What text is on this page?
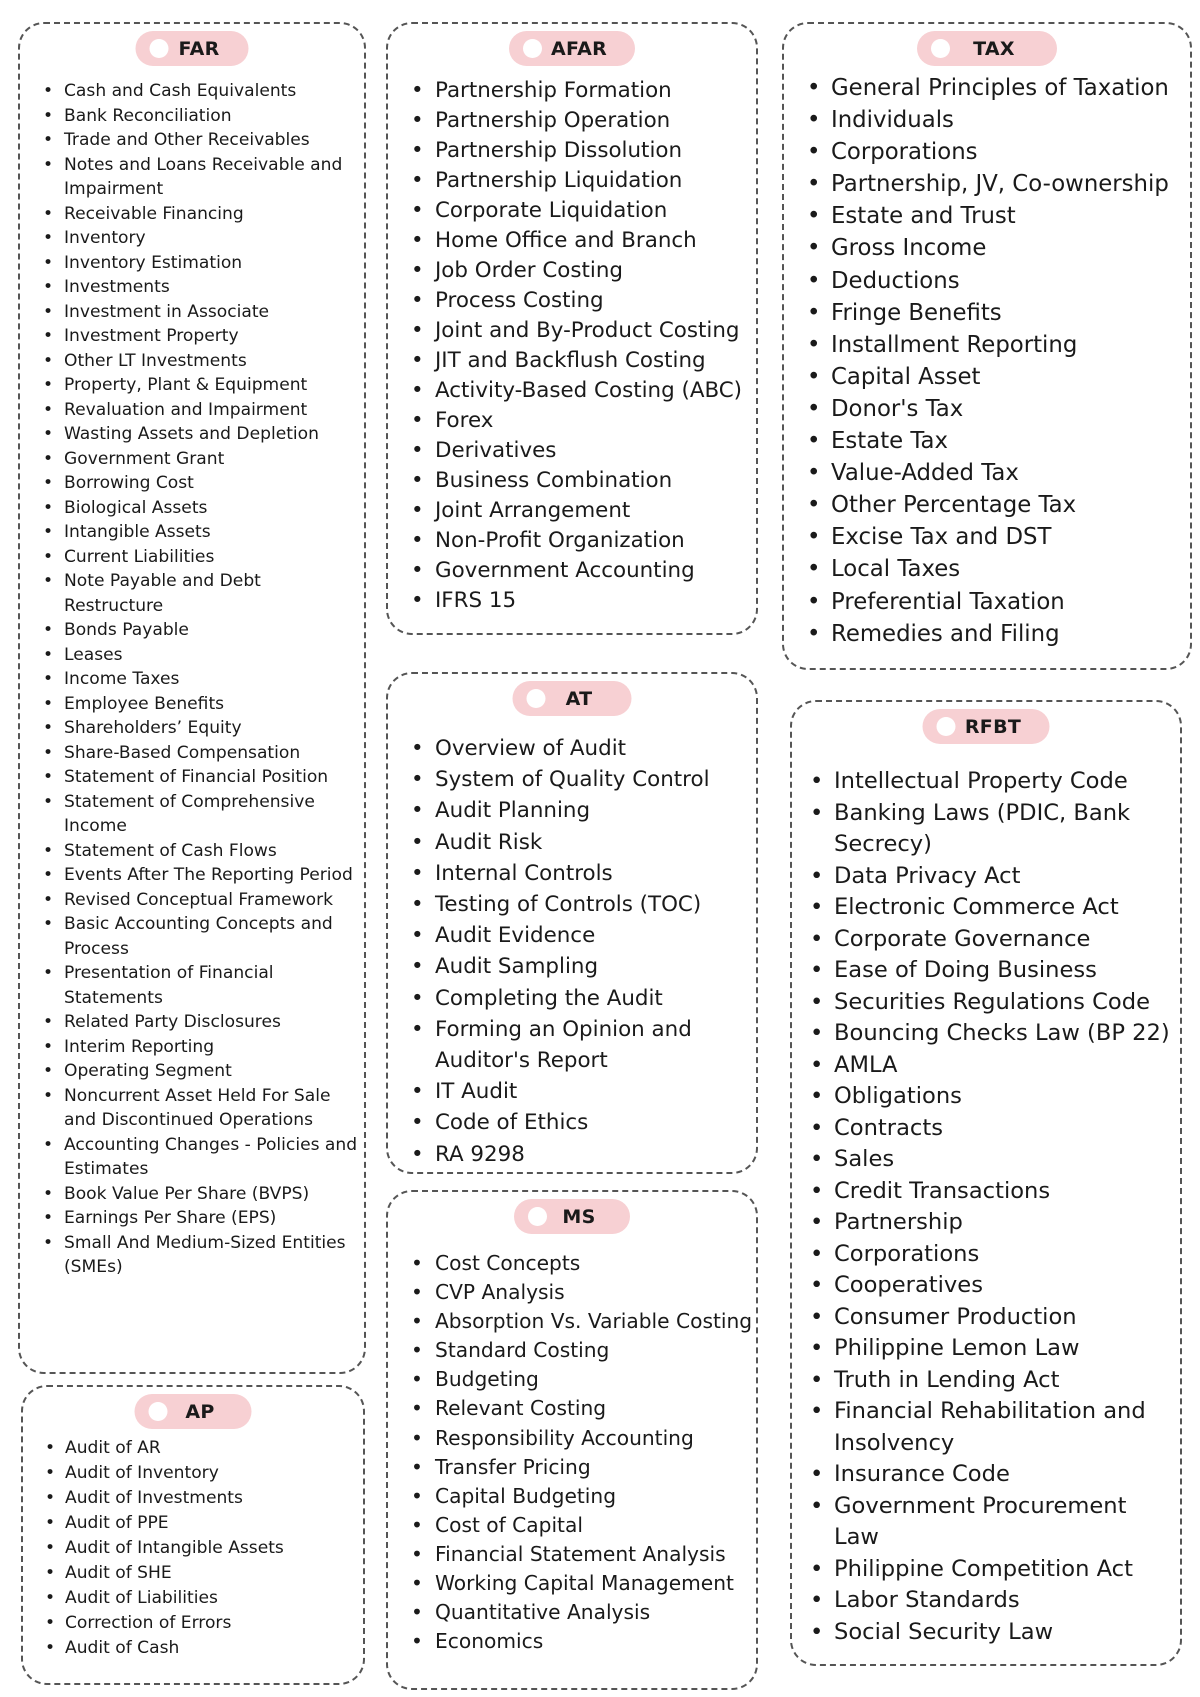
FAR
• Cash and Cash Equivalents
• Bank Reconciliation
• Trade and Other Receivables
• Notes and Loans Receivable and Impairment
• Receivable Financing
• Inventory
• Inventory Estimation
• Investments
• Investment in Associate
• Investment Property
• Other LT Investments
• Property, Plant & Equipment
• Revaluation and Impairment
• Wasting Assets and Depletion
• Government Grant
• Borrowing Cost
• Biological Assets
• Intangible Assets
• Current Liabilities
• Note Payable and Debt Restructure
• Bonds Payable
• Leases
• Income Taxes
• Employee Benefits
• Shareholders’ Equity
• Share-Based Compensation
• Statement of Financial Position
• Statement of Comprehensive Income
• Statement of Cash Flows
• Events After The Reporting Period
• Revised Conceptual Framework
• Basic Accounting Concepts and Process
• Presentation of Financial Statements
• Related Party Disclosures
• Interim Reporting
• Operating Segment
• Noncurrent Asset Held For Sale and Discontinued Operations
• Accounting Changes - Policies and Estimates
• Book Value Per Share (BVPS)
• Earnings Per Share (EPS)
• Small And Medium-Sized Entities (SMEs)
AP
• Audit of AR
• Audit of Inventory
• Audit of Investments
• Audit of PPE
• Audit of Intangible Assets
• Audit of SHE
• Audit of Liabilities
• Correction of Errors
• Audit of Cash
AFAR
• Partnership Formation
• Partnership Operation
• Partnership Dissolution
• Partnership Liquidation
• Corporate Liquidation
• Home Office and Branch
• Job Order Costing
• Process Costing
• Joint and By-Product Costing
• JIT and Backflush Costing
• Activity-Based Costing (ABC)
• Forex
• Derivatives
• Business Combination
• Joint Arrangement
• Non-Profit Organization
• Government Accounting
• IFRS 15
AT
• Overview of Audit
• System of Quality Control
• Audit Planning
• Audit Risk
• Internal Controls
• Testing of Controls (TOC)
• Audit Evidence
• Audit Sampling
• Completing the Audit
• Forming an Opinion and Auditor's Report
• IT Audit
• Code of Ethics
• RA 9298
MS
• Cost Concepts
• CVP Analysis
• Absorption Vs. Variable Costing
• Standard Costing
• Budgeting
• Relevant Costing
• Responsibility Accounting
• Transfer Pricing
• Capital Budgeting
• Cost of Capital
• Financial Statement Analysis
• Working Capital Management
• Quantitative Analysis
• Economics
TAX
• General Principles of Taxation
• Individuals
• Corporations
• Partnership, JV, Co-ownership
• Estate and Trust
• Gross Income
• Deductions
• Fringe Benefits
• Installment Reporting
• Capital Asset
• Donor's Tax
• Estate Tax
• Value-Added Tax
• Other Percentage Tax
• Excise Tax and DST
• Local Taxes
• Preferential Taxation
• Remedies and Filing
RFBT
• Intellectual Property Code
• Banking Laws (PDIC, Bank Secrecy)
• Data Privacy Act
• Electronic Commerce Act
• Corporate Governance
• Ease of Doing Business
• Securities Regulations Code
• Bouncing Checks Law (BP 22)
• AMLA
• Obligations
• Contracts
• Sales
• Credit Transactions
• Partnership
• Corporations
• Cooperatives
• Consumer Production
• Philippine Lemon Law
• Truth in Lending Act
• Financial Rehabilitation and Insolvency
• Insurance Code
• Government Procurement Law
• Philippine Competition Act
• Labor Standards
• Social Security Law
